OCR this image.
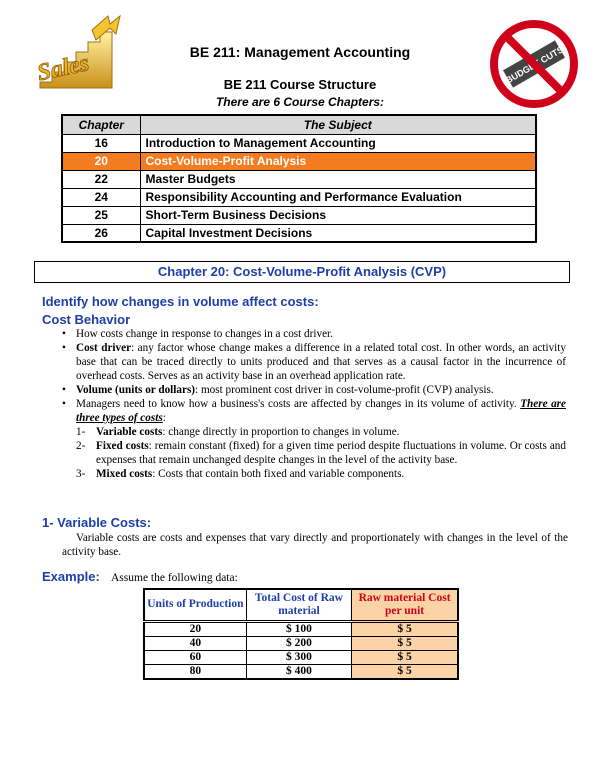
Sales	BUDGET CUTS
BE 211: Management Accounting
BE 211 Course Structure
There are 6 Course Chapters:
Chapter	The Subject
16	Introduction to Management Accounting
20	Cost-Volume-Profit Analysis
22	Master Budgets
24	Responsibility Accounting and Performance Evaluation
25	Short-Term Business Decisions
26	Capital Investment Decisions
Chapter 20: Cost-Volume-Profit Analysis (CVP)
Identify how changes in volume affect costs:
Cost Behavior
• How costs change in response to changes in a cost driver.
• Cost driver: any factor whose change makes a difference in a related total cost. In other words, an activity base that can be traced directly to units produced and that serves as a causal factor in the incurrence of overhead costs. Serves as an activity base in an overhead application rate.
• Volume (units or dollars): most prominent cost driver in cost-volume-profit (CVP) analysis.
• Managers need to know how a business's costs are affected by changes in its volume of activity. There are three types of costs:
1- Variable costs: change directly in proportion to changes in volume.
2- Fixed costs: remain constant (fixed) for a given time period despite fluctuations in volume. Or costs and expenses that remain unchanged despite changes in the level of the activity base.
3- Mixed costs: Costs that contain both fixed and variable components.
1- Variable Costs:
Variable costs are costs and expenses that vary directly and proportionately with changes in the level of the activity base.
Example: Assume the following data:
Units of Production	Total Cost of Raw material	Raw material Cost per unit
20	$ 100	$ 5
40	$ 200	$ 5
60	$ 300	$ 5
80	$ 400	$ 5
